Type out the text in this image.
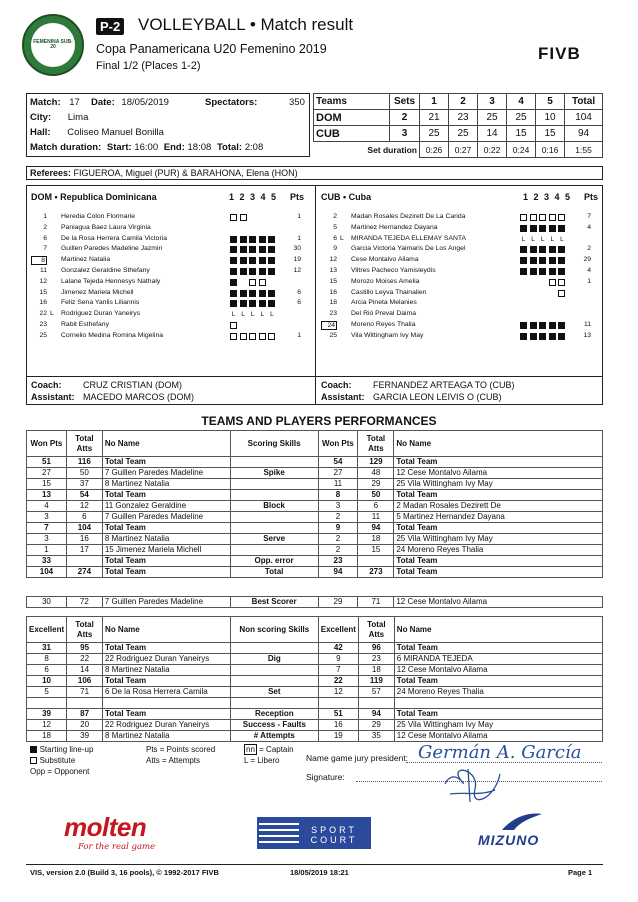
FEMENINA SUB-20
P-2 VOLLEYBALL • Match result
Copa Panamericana U20 Femenino 2019
Final 1/2 (Places 1-2)
FIVB
Match: 17 Date: 18/05/2019	Spectators:	350
City: Lima
Hall: Coliseo Manuel Bonilla
Match duration: Start: 16:00 End: 18:08 Total: 2:08
Teams	Sets	1	2	3	4	5	Total
DOM	2	21	23	25	25	10	104
CUB	3	25	25	14	15	15	94
Set duration		0:26	0:27	0:22	0:24	0:16	1:55
Referees: FIGUEROA, Miguel (PUR) & BARAHONA, Elena (HON)
DOM • Republica Dominicana	1 2 3 4 5 Pts
1 Heredia Colon Flormarie	1
2 Paniagua Baez Laura Virginia
6 De la Rosa Herrera Camila Victoria	1
7 Guillen Paredes Madeline Jazmin	30
8 Martinez Natalia	19
11 Gonzalez Geraldine Sthefany	12
12 Lalane Tejeda Hennesys Nathaly
15 Jimenez Mariela Michell	6
16 Feliz Sena Yanlis Liliannis	6
22 L Rodriguez Duran Yaneirys	L L L L L
23 Rabit Esthefany
25 Cornelio Medina Romina Migelina	1
CUB • Cuba	1 2 3 4 5 Pts
2 Madan Rosales Dezirett De La Carida	7
5 Martinez Hernandez Dayana	4
6 L MIRANDA TEJEDA ELLEMAY SANTA	L L L L L
9 Garcia Victoria Yaimaris De Los Angel	2
12 Cese Montalvo Ailama	29
13 Viltres Pacheco Yamisleydis	4
15 Morozo Moises Amelia	1
16 Castillo Leyva Thainalien
18 Arcia Pineta Melanies
23 Del Rió Preval Daima
24 Moreno Reyes Thalia	11
25 Vila Wittingham Ivy May	13
Coach: CRUZ CRISTIAN (DOM)
Assistant: MACEDO MARCOS (DOM)
Coach: FERNANDEZ ARTEAGA TO (CUB)
Assistant: GARCIA LEON LEIVIS O (CUB)
TEAMS AND PLAYERS PERFORMANCES
Won Pts	Total Atts	No Name	Scoring Skills	Won Pts	Total Atts	No Name
51	116	Total Team		54	129	Total Team
27	50	7 Guillen Paredes Madeline	Spike	27	48	12 Cese Montalvo Ailama
15	37	8 Martinez Natalia		11	29	25 Vila Wittingham Ivy May
13	54	Total Team		8	50	Total Team
4	12	11 Gonzalez Geraldine	Block	3	6	2 Madan Rosales Dezirett De
3	6	7 Guillen Paredes Madeline		2	11	5 Martinez Hernandez Dayana
7	104	Total Team		9	94	Total Team
3	16	8 Martinez Natalia	Serve	2	18	25 Vila Wittingham Ivy May
1	17	15 Jimenez Mariela Michell		2	15	24 Moreno Reyes Thalia
33		Total Team	Opp. error	23		Total Team
104	274	Total Team	Total	94	273	Total Team
30	72	7 Guillen Paredes Madeline	Best Scorer	29	71	12 Cese Montalvo Ailama
Excellent	Total Atts	No Name	Non scoring Skills	Excellent	Total Atts	No Name
31	95	Total Team		42	96	Total Team
8	22	22 Rodriguez Duran Yaneirys	Dig	9	23	6 MIRANDA TEJEDA
6	14	8 Martinez Natalia		7	18	12 Cese Montalvo Ailama
10	106	Total Team		22	119	Total Team
5	71	6 De la Rosa Herrera Camila	Set	12	57	24 Moreno Reyes Thalia

39	87	Total Team	Reception	51	94	Total Team
12	20	22 Rodriguez Duran Yaneirys	Success - Faults	16	29	25 Vila Wittingham Ivy May
18	39	8 Martinez Natalia	# Attempts	19	35	12 Cese Montalvo Ailama
Starting line-up
Substitute
Opp = Opponent
Pts = Points scored
Atts = Attempts
nn = Captain
L = Libero	Name game jury president:
Signature:
Germán A. García
molten
For the real game
SPORT COURT	MIZUNO
VIS, version 2.0 (Build 3, 16 pools), © 1992-2017 FIVB	18/05/2019 18:21	Page 1
